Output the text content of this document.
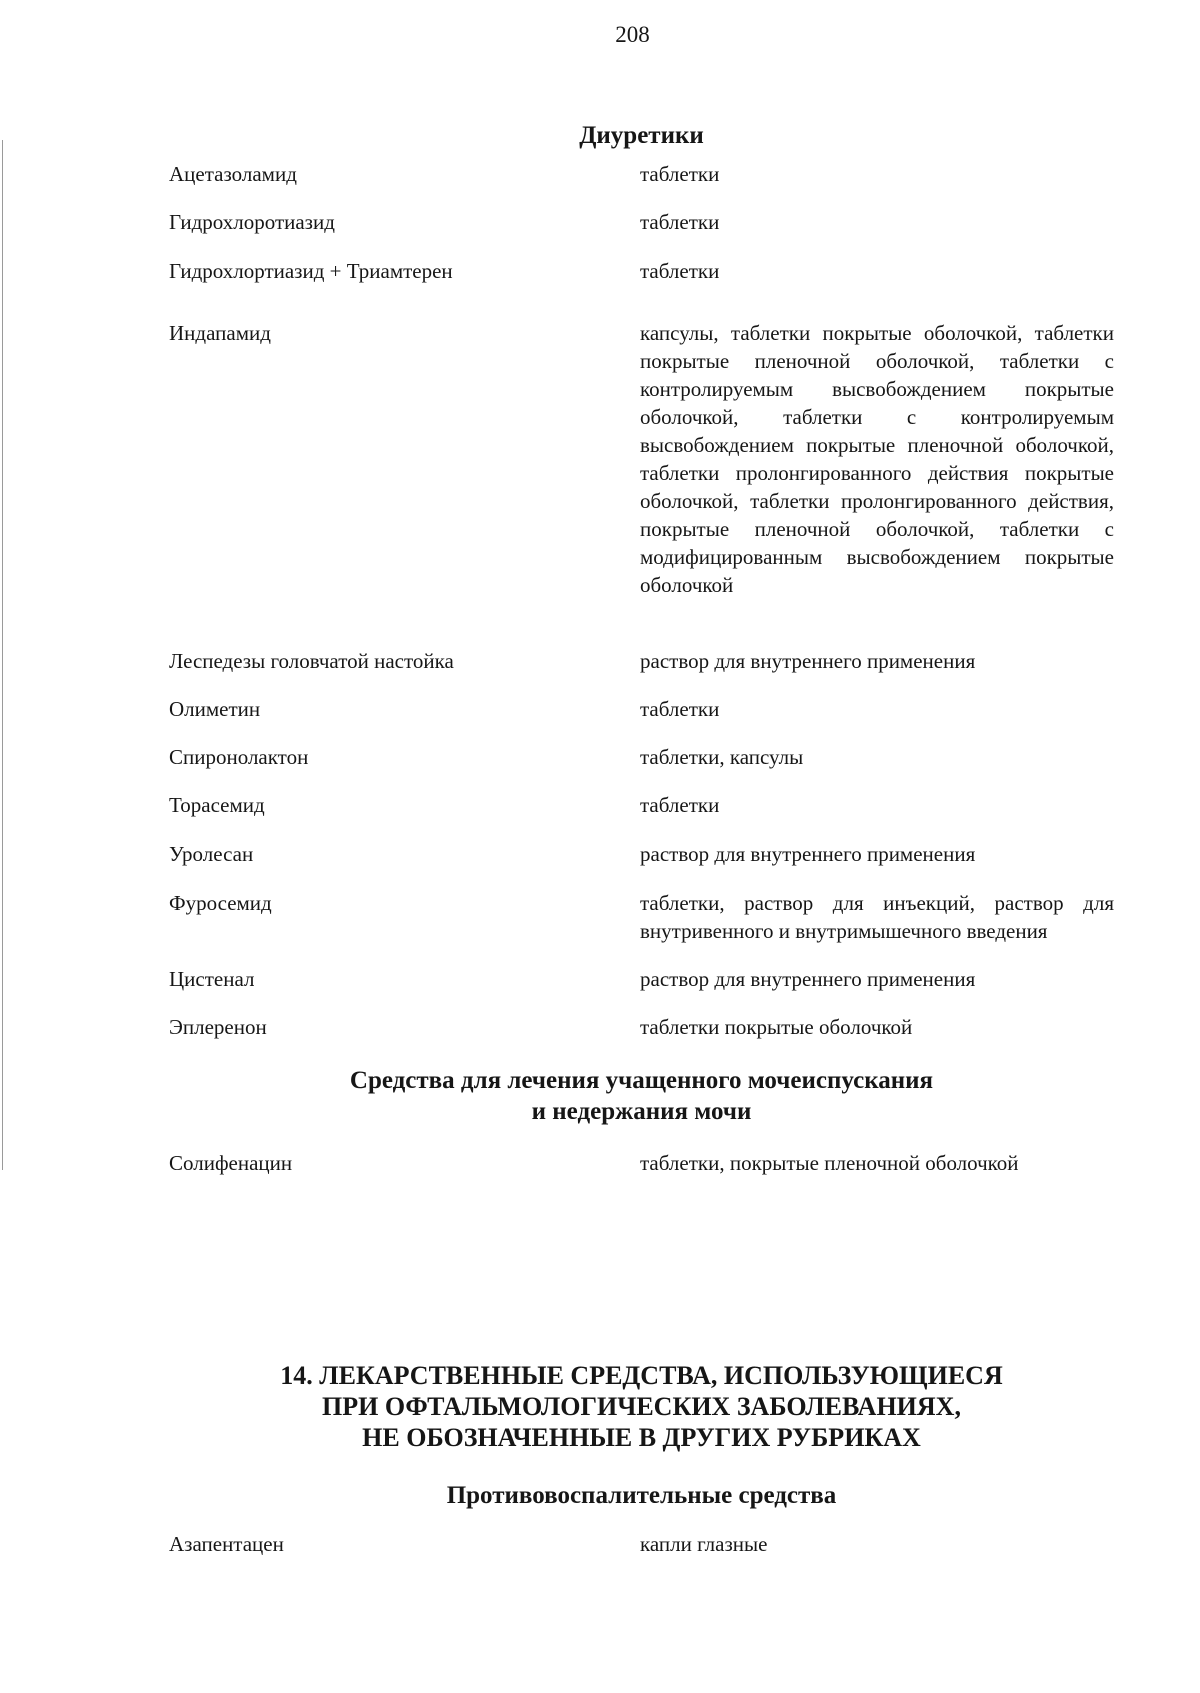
208
Диуретики
Ацетазоламид	таблетки
Гидрохлоротиазид	таблетки
Гидрохлортиазид + Триамтерен	таблетки
Индапамид	капсулы, таблетки покрытые оболочкой, таблетки покрытые пленочной оболочкой, таблетки с контролируемым высвобождением покрытые оболочкой, таблетки с контролируемым высвобождением покрытые пленочной оболочкой, таблетки пролонгированного действия покрытые оболочкой, таблетки пролонгированного действия, покрытые пленочной оболочкой, таблетки с модифицированным высвобождением покрытые оболочкой
Леспедезы головчатой настойка	раствор для внутреннего применения
Олиметин	таблетки
Спиронолактон	таблетки, капсулы
Торасемид	таблетки
Уролесан	раствор для внутреннего применения
Фуросемид	таблетки, раствор для инъекций, раствор для внутривенного и внутримышечного введения
Цистенал	раствор для внутреннего применения
Эплеренон	таблетки покрытые оболочкой
Средства для лечения учащенного мочеиспускания
и недержания мочи
Солифенацин	таблетки, покрытые пленочной оболочкой
14. ЛЕКАРСТВЕННЫЕ СРЕДСТВА, ИСПОЛЬЗУЮЩИЕСЯ
ПРИ ОФТАЛЬМОЛОГИЧЕСКИХ ЗАБОЛЕВАНИЯХ,
НЕ ОБОЗНАЧЕННЫЕ В ДРУГИХ РУБРИКАХ
Противовоспалительные средства
Азапентацен	капли глазные
